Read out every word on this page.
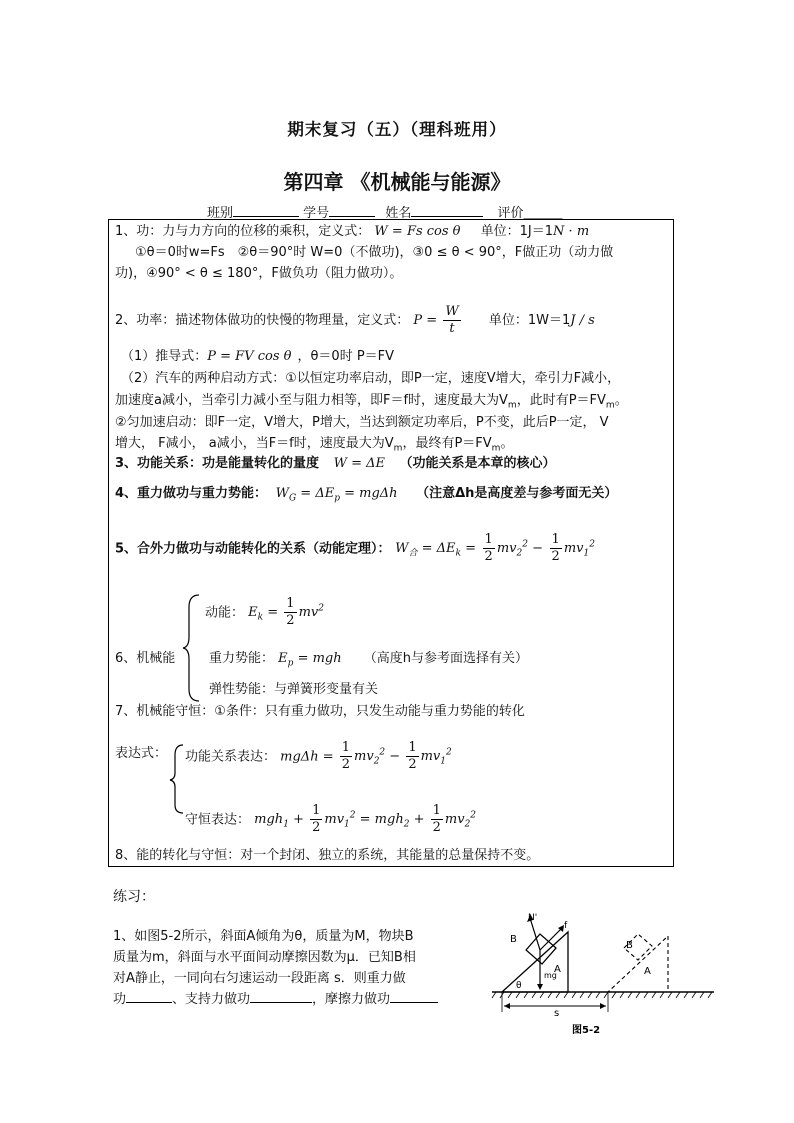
期末复习（五）（理科班用）
第四章 《机械能与能源》
班别	学号	姓名	评价＿＿＿
1、功：力与力方向的位移的乘积，定义式： W = Fs cos θ 单位：1J＝1N · m
①θ＝0时w=Fs　②θ＝90°时 W=0（不做功)，③0 ≤ θ < 90°，F做正功（动力做
功)，④90° < θ ≤ 180°，F做负功（阻力做功）。
2、功率：描述物体做功的快慢的物理量，定义式： $P = \frac{W}{t}$ 单位：1W＝1J / s
（1）推导式：P = FV cos θ ，θ＝0时 P＝FV
（2）汽车的两种启动方式：①以恒定功率启动，即P一定，速度V增大，牵引力F减小，
加速度a减小，当牵引力减小至与阻力相等，即F＝f时，速度最大为$V_m$，此时有$P=FV_m$。
②匀加速启动：即F一定，V增大，P增大，当达到额定功率后，P不变，此后P一定， V
增大， F减小， a减小，当F＝f时，速度最大为$V_m$，最终有$P=FV_m$。
3、功能关系：功是能量转化的量度 W = ΔE （功能关系是本章的核心）
4、重力做功与重力势能： $W_G = \Delta E_p = mg\Delta h$ （注意Δh是高度差与参考面无关）
5、合外力做功与动能转化的关系（动能定理）： $W_合 = \Delta E_k = \frac{1}{2} mv_2^2 - \frac{1}{2} mv_1^2$
动能： $E_k = \frac{1}{2} mv^2$
6、机械能	重力势能： $E_p$ = mgh （高度h与参考面选择有关）
弹性势能：与弹簧形变量有关
7、机械能守恒：①条件：只有重力做功，只发生动能与重力势能的转化
表达式： 功能关系表达： $mg\Delta h = \frac{1}{2} mv_2^2 - \frac{1}{2} mv_1^2$
守恒表达： $mgh_1 + \frac{1}{2} mv_1^2 = mgh_2 + \frac{1}{2} mv_2^2$
8、能的转化与守恒：对一个封闭、独立的系统，其能量的总量保持不变。
练习：
1、如图5-2所示，斜面A倾角为θ，质量为M，物块B
质量为m，斜面与水平面间动摩擦因数为μ．已知B相
对A静止，一同向右匀速运动一段距离 s．则重力做
功	、支持力做功	，摩擦力做功
N'
f
B
A
mg
θ
B
A
s
图5-2
